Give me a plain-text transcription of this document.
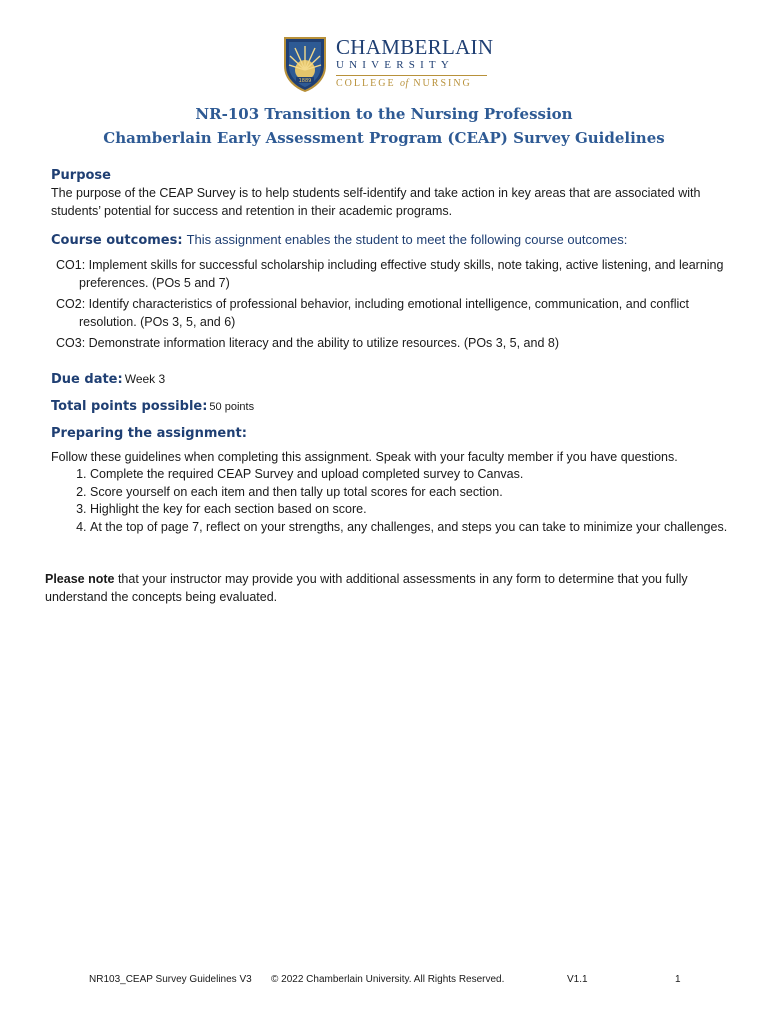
1889
CHAMBERLAIN
UNIVERSITY
COLLEGE of NURSING
NR-103 Transition to the Nursing Profession
Chamberlain Early Assessment Program (CEAP) Survey Guidelines
Purpose
The purpose of the CEAP Survey is to help students self-identify and take action in key areas that are associated with students’ potential for success and retention in their academic programs.
Course outcomes: This assignment enables the student to meet the following course outcomes:
CO1: Implement skills for successful scholarship including effective study skills, note taking, active listening, and learning preferences. (POs 5 and 7)
CO2: Identify characteristics of professional behavior, including emotional intelligence, communication, and conflict resolution. (POs 3, 5, and 6)
CO3: Demonstrate information literacy and the ability to utilize resources. (POs 3, 5, and 8)
Due date: Week 3
Total points possible: 50 points
Preparing the assignment:
Follow these guidelines when completing this assignment. Speak with your faculty member if you have questions.
1. Complete the required CEAP Survey and upload completed survey to Canvas.
2. Score yourself on each item and then tally up total scores for each section.
3. Highlight the key for each section based on score.
4. At the top of page 7, reflect on your strengths, any challenges, and steps you can take to minimize your challenges.
Please note that your instructor may provide you with additional assessments in any form to determine that you fully understand the concepts being evaluated.
NR103_CEAP Survey Guidelines V3 © 2022 Chamberlain University. All Rights Reserved.	V1.1	1
